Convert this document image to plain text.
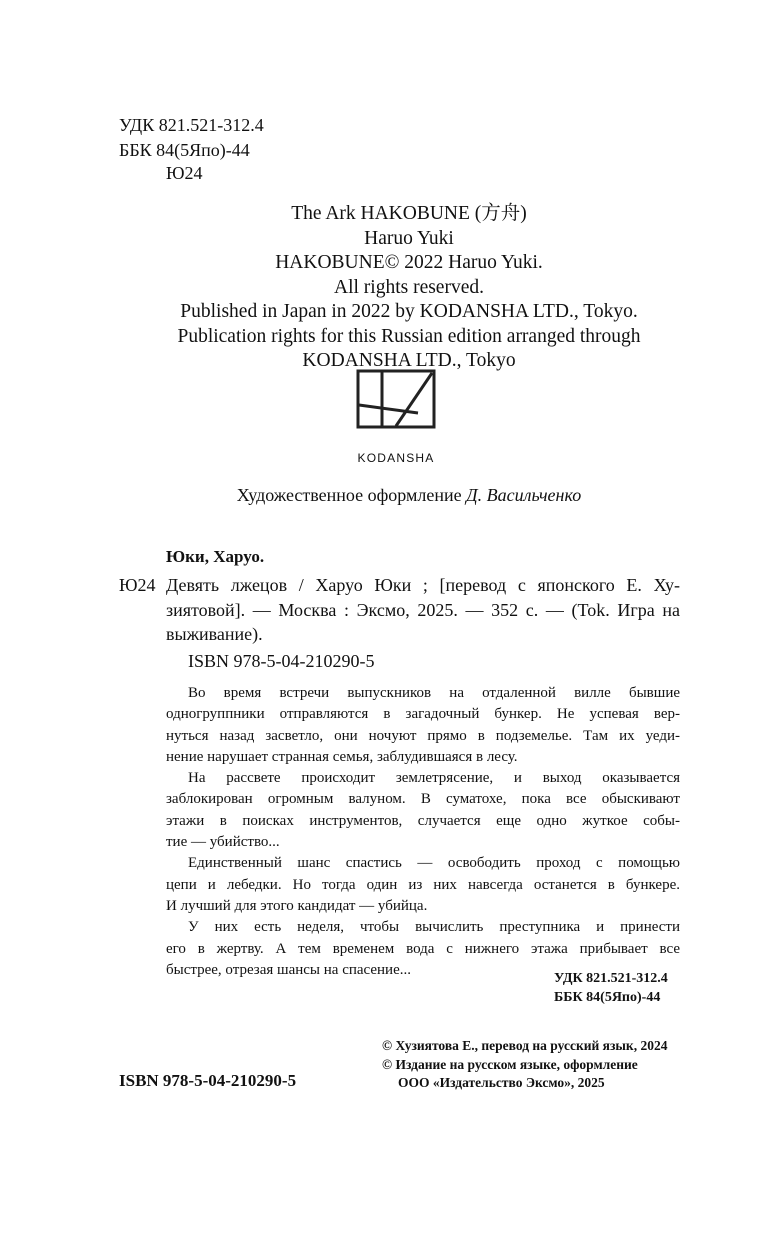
УДК 821.521-312.4
ББК 84(5Япо)-44
Ю24
The Ark HAKOBUNE (方舟)
Haruo Yuki
HAKOBUNE© 2022 Haruo Yuki.
All rights reserved.
Published in Japan in 2022 by KODANSHA LTD., Tokyo.
Publication rights for this Russian edition arranged through
KODANSHA LTD., Tokyo
KODANSHA
Художественное оформление Д. Васильченко
Юки, Харуо.
Ю24 Девять лжецов / Харуо Юки ; [перевод с японского Е. Ху-
зиятовой]. — Москва : Эксмо, 2025. — 352 с. — (Tok. Игра на
выживание).
ISBN 978-5-04-210290-5
Во время встречи выпускников на отдаленной вилле бывшие
одногруппники отправляются в загадочный бункер. Не успевая вер-
нуться назад засветло, они ночуют прямо в подземелье. Там их уеди-
нение нарушает странная семья, заблудившаяся в лесу.
На рассвете происходит землетрясение, и выход оказывается
заблокирован огромным валуном. В суматохе, пока все обыскивают
этажи в поисках инструментов, случается еще одно жуткое собы-
тие — убийство...
Единственный шанс спастись — освободить проход с помощью
цепи и лебедки. Но тогда один из них навсегда останется в бункере.
И лучший для этого кандидат — убийца.
У них есть неделя, чтобы вычислить преступника и принести
его в жертву. А тем временем вода с нижнего этажа прибывает все
быстрее, отрезая шансы на спасение...
УДК 821.521-312.4
ББК 84(5Япо)-44
© Хузиятова Е., перевод на русский язык, 2024
© Издание на русском языке, оформление
ООО «Издательство Эксмо», 2025
ISBN 978-5-04-210290-5
